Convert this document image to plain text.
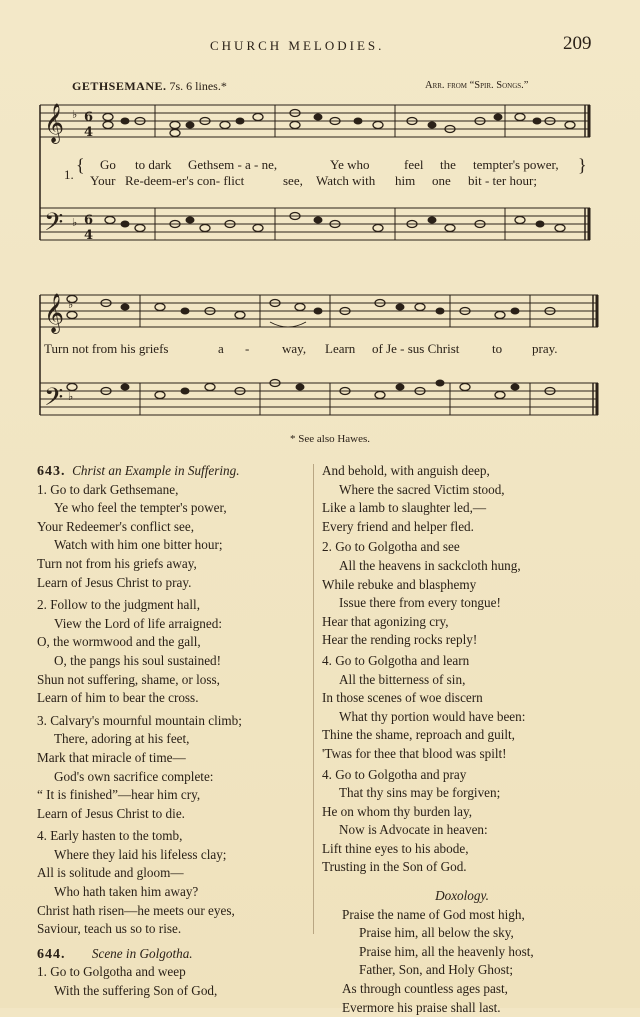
CHURCH MELODIES.	209
GETHSEMANE. 7s. 6 lines.*	Arr. from “Spir. Songs.”
𝄞 ♭ 6
4
𝄢 ♭ 6
4
𝄞 ♭
𝄢 ♭
1. {	}
Go to dark Gethsem - a - ne,	Ye who	feel the tempter's power,
Your Re-deem-er's con- flict	see, Watch with him one bit - ter hour;
Turn not from his griefs	a -	way, Learn of Je - sus Christ	to pray.
* See also Hawes.
643. Christ an Example in Suffering.
1. Go to dark Gethsemane,
Ye who feel the tempter's power,
Your Redeemer's conflict see,
Watch with him one bitter hour;
Turn not from his griefs away,
Learn of Jesus Christ to pray.
2. Follow to the judgment hall,
View the Lord of life arraigned:
O, the wormwood and the gall,
O, the pangs his soul sustained!
Shun not suffering, shame, or loss,
Learn of him to bear the cross.
3. Calvary's mournful mountain climb;
There, adoring at his feet,
Mark that miracle of time—
God's own sacrifice complete:
“ It is finished”—hear him cry,
Learn of Jesus Christ to die.
4. Early hasten to the tomb,
Where they laid his lifeless clay;
All is solitude and gloom—
Who hath taken him away?
Christ hath risen—he meets our eyes,
Saviour, teach us so to rise.
644. Scene in Golgotha.
1. Go to Golgotha and weep
With the suffering Son of God,
And behold, with anguish deep,
Where the sacred Victim stood,
Like a lamb to slaughter led,—
Every friend and helper fled.
2. Go to Golgotha and see
All the heavens in sackcloth hung,
While rebuke and blasphemy
Issue there from every tongue!
Hear that agonizing cry,
Hear the rending rocks reply!
4. Go to Golgotha and learn
All the bitterness of sin,
In those scenes of woe discern
What thy portion would have been:
Thine the shame, reproach and guilt,
'Twas for thee that blood was spilt!
4. Go to Golgotha and pray
That thy sins may be forgiven;
He on whom thy burden lay,
Now is Advocate in heaven:
Lift thine eyes to his abode,
Trusting in the Son of God.
Doxology.
Praise the name of God most high,
Praise him, all below the sky,
Praise him, all the heavenly host,
Father, Son, and Holy Ghost;
As through countless ages past,
Evermore his praise shall last.
